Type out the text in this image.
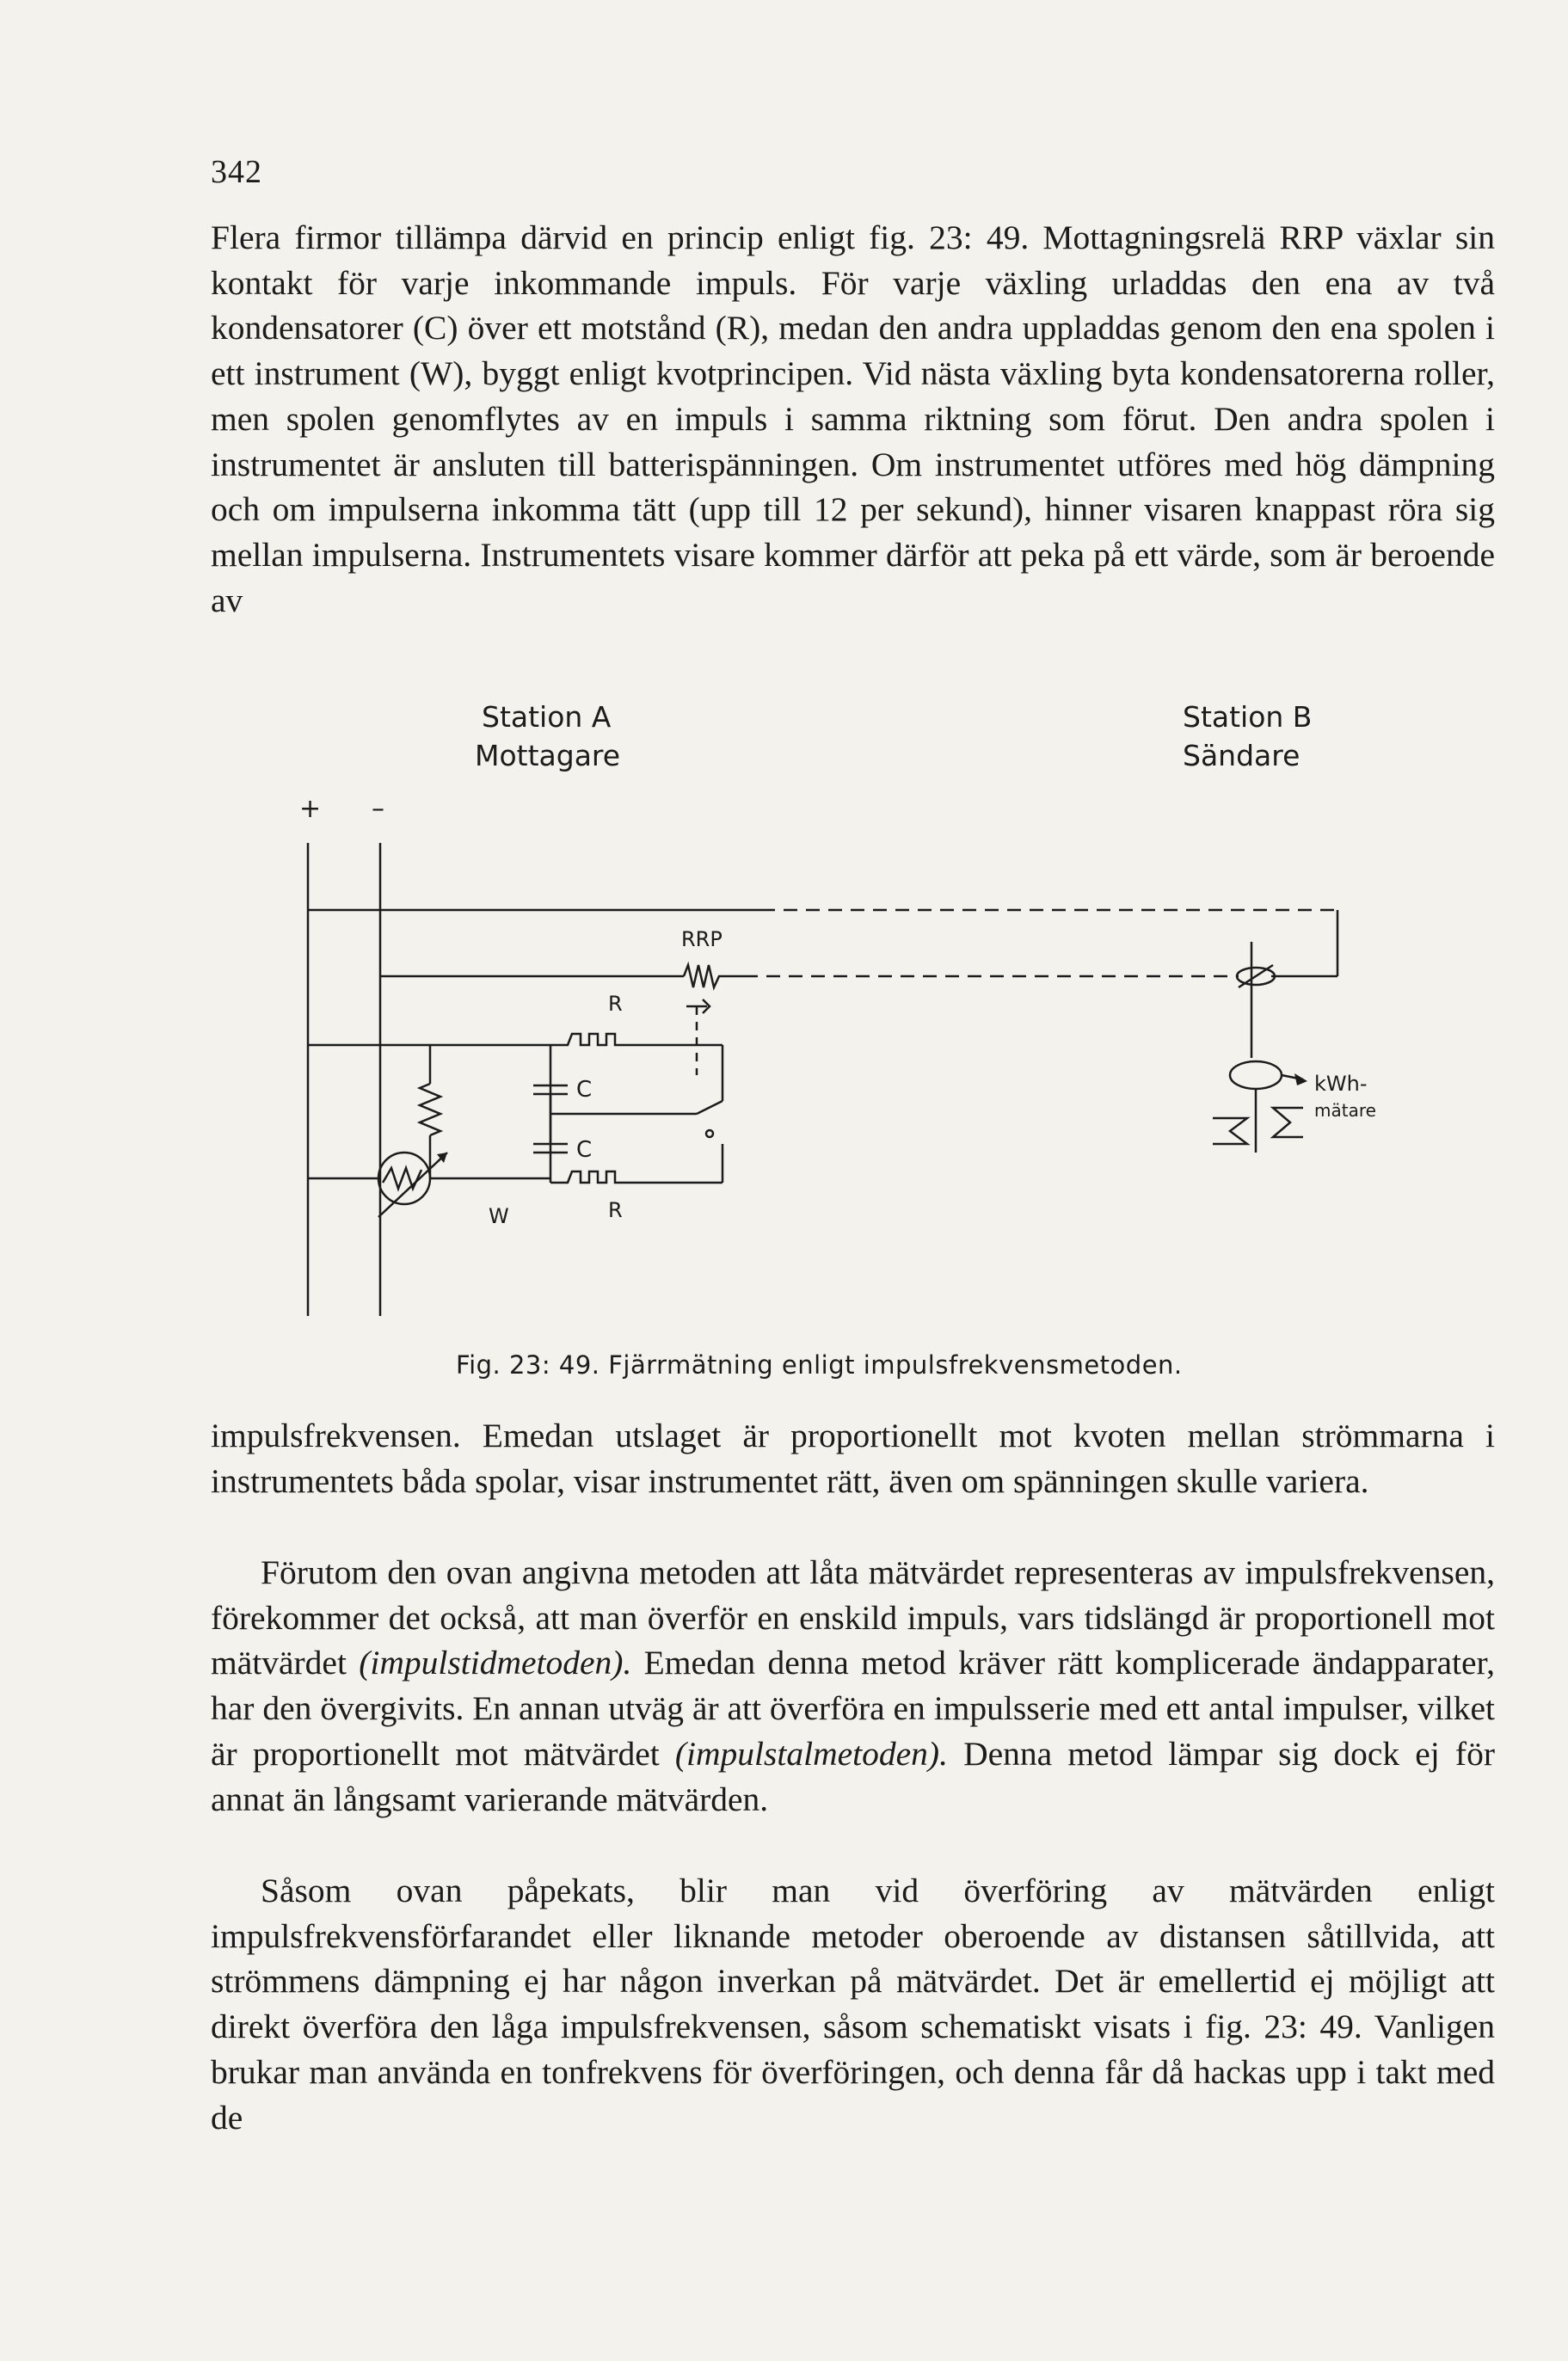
342

Flera firmor tillämpa därvid en princip enligt fig. 23: 49. Mottagningsrelä RRP växlar sin kontakt för varje inkommande impuls. För varje växling urladdas den ena av två kondensatorer (C) över ett motstånd (R), medan den andra uppladdas genom den ena spolen i ett instrument (W), byggt enligt kvotprincipen. Vid nästa växling byta kondensatorerna roller, men spolen genomflytes av en impuls i samma riktning som förut. Den andra spolen i instrumentet är ansluten till batterispänningen. Om instrumentet utföres med hög dämpning och om impulserna inkomma tätt (upp till 12 per sekund), hinner visaren knappast röra sig mellan impulserna. Instrumentets visare kommer därför att peka på ett värde, som är beroende av

Station A
Mottagare
Station B
Sändare
+ –
RRP
R
R
C
C
W
kWh-
mätare
Fig. 23: 49. Fjärrmätning enligt impulsfrekvensmetoden.

impulsfrekvensen. Emedan utslaget är proportionellt mot kvoten mellan strömmarna i instrumentets båda spolar, visar instrumentet rätt, även om spänningen skulle variera.

Förutom den ovan angivna metoden att låta mätvärdet representeras av impulsfrekvensen, förekommer det också, att man överför en enskild impuls, vars tidslängd är proportionell mot mätvärdet (impulstidmetoden). Emedan denna metod kräver rätt komplicerade ändapparater, har den övergivits. En annan utväg är att överföra en impulsserie med ett antal impulser, vilket är proportionellt mot mätvärdet (impulstalmetoden). Denna metod lämpar sig dock ej för annat än långsamt varierande mätvärden.

Såsom ovan påpekats, blir man vid överföring av mätvärden enligt impulsfrekvensförfarandet eller liknande metoder oberoende av distansen såtillvida, att strömmens dämpning ej har någon inverkan på mätvärdet. Det är emellertid ej möjligt att direkt överföra den låga impulsfrekvensen, såsom schematiskt visats i fig. 23: 49. Vanligen brukar man använda en tonfrekvens för överföringen, och denna får då hackas upp i takt med de
